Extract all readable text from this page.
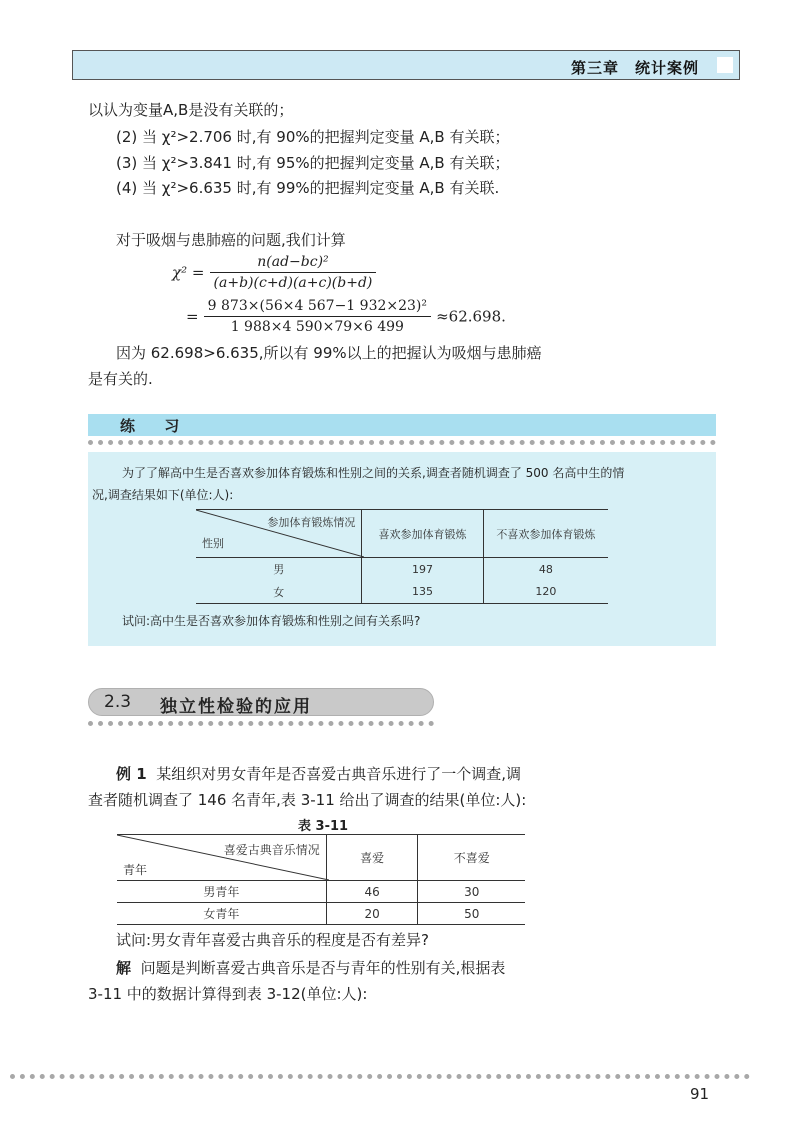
第三章　统计案例
以认为变量A,B是没有关联的；
(2) 当 χ²>2.706 时,有 90%的把握判定变量 A,B 有关联；
(3) 当 χ²>3.841 时,有 95%的把握判定变量 A,B 有关联；
(4) 当 χ²>6.635 时,有 99%的把握判定变量 A,B 有关联.
对于吸烟与患肺癌的问题,我们计算
$\chi^2 = \frac{\text{n(ad−bc)²}}{(a+b)(c+d)(a+c)(b+d)}$
= $\frac{\text{9 873×(56×4 567−1 932×23)²}}{1 988\times 4 590\times 79\times 6 499} \approx 62.698$.
因为 62.698>6.635,所以有 99%以上的把握认为吸烟与患肺癌
是有关的.
练 习
为了了解高中生是否喜欢参加体育锻炼和性别之间的关系,调查者随机调查了 500 名高中生的情
况,调查结果如下(单位:人):
参加体育锻炼情况
性别	喜欢参加体育锻炼	不喜欢参加体育锻炼
男	197	48
女	135	120
试问:高中生是否喜欢参加体育锻炼和性别之间有关系吗?
2.3 独立性检验的应用
例 1 某组织对男女青年是否喜爱古典音乐进行了一个调查,调
查者随机调查了 146 名青年,表 3-11 给出了调查的结果(单位:人):
表 3-11
喜爱古典音乐情况
青年	喜爱	不喜爱
男青年	46	30
女青年	20	50
试问:男女青年喜爱古典音乐的程度是否有差异?
解 问题是判断喜爱古典音乐是否与青年的性别有关,根据表
3-11 中的数据计算得到表 3-12(单位:人):
91
